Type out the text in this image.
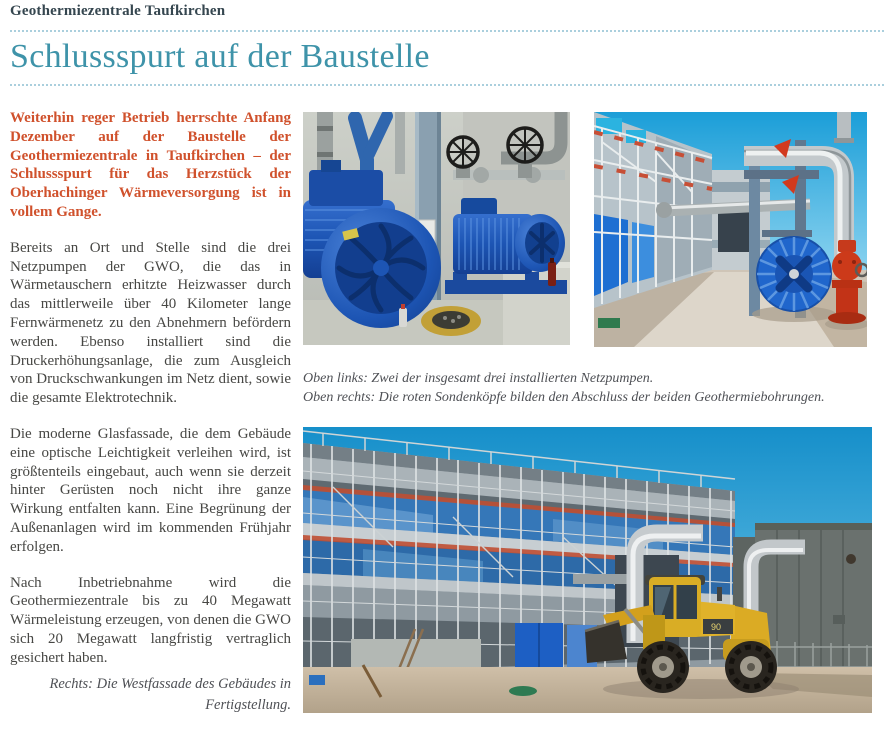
Geothermiezentrale Taufkirchen
Schlussspurt auf der Baustelle

Weiterhin reger Betrieb herrschte Anfang Dezember auf der Baustelle der Geothermiezentrale in Taufkirchen – der Schlussspurt für das Herzstück der Oberhachinger Wärmeversorgung ist in vollem Gange.

Bereits an Ort und Stelle sind die drei Netzpumpen der GWO, die das in Wärmetauschern erhitzte Heizwasser durch das mittlerweile über 40 Kilometer lange Fernwärmenetz zu den Abnehmern befördern werden. Ebenso installiert sind die Druckerhöhungsanlage, die zum Ausgleich von Druckschwankungen im Netz dient, sowie die gesamte Elektrotechnik.

Die moderne Glasfassade, die dem Gebäude eine optische Leichtigkeit verleihen wird, ist größtenteils eingebaut, auch wenn sie derzeit hinter Gerüsten noch nicht ihre ganze Wirkung entfalten kann. Eine Begrünung der Außenanlagen wird im kommenden Frühjahr erfolgen.

Nach Inbetriebnahme wird die Geothermiezentrale bis zu 40 Megawatt Wärmeleistung erzeugen, von denen die GWO sich 20 Megawatt langfristig vertraglich gesichert haben.

Rechts: Die Westfassade des Gebäudes in Fertigstellung.
Oben links: Zwei der insgesamt drei installierten Netzpumpen.
Oben rechts: Die roten Sondenköpfe bilden den Abschluss der beiden Geothermiebohrungen.
90
